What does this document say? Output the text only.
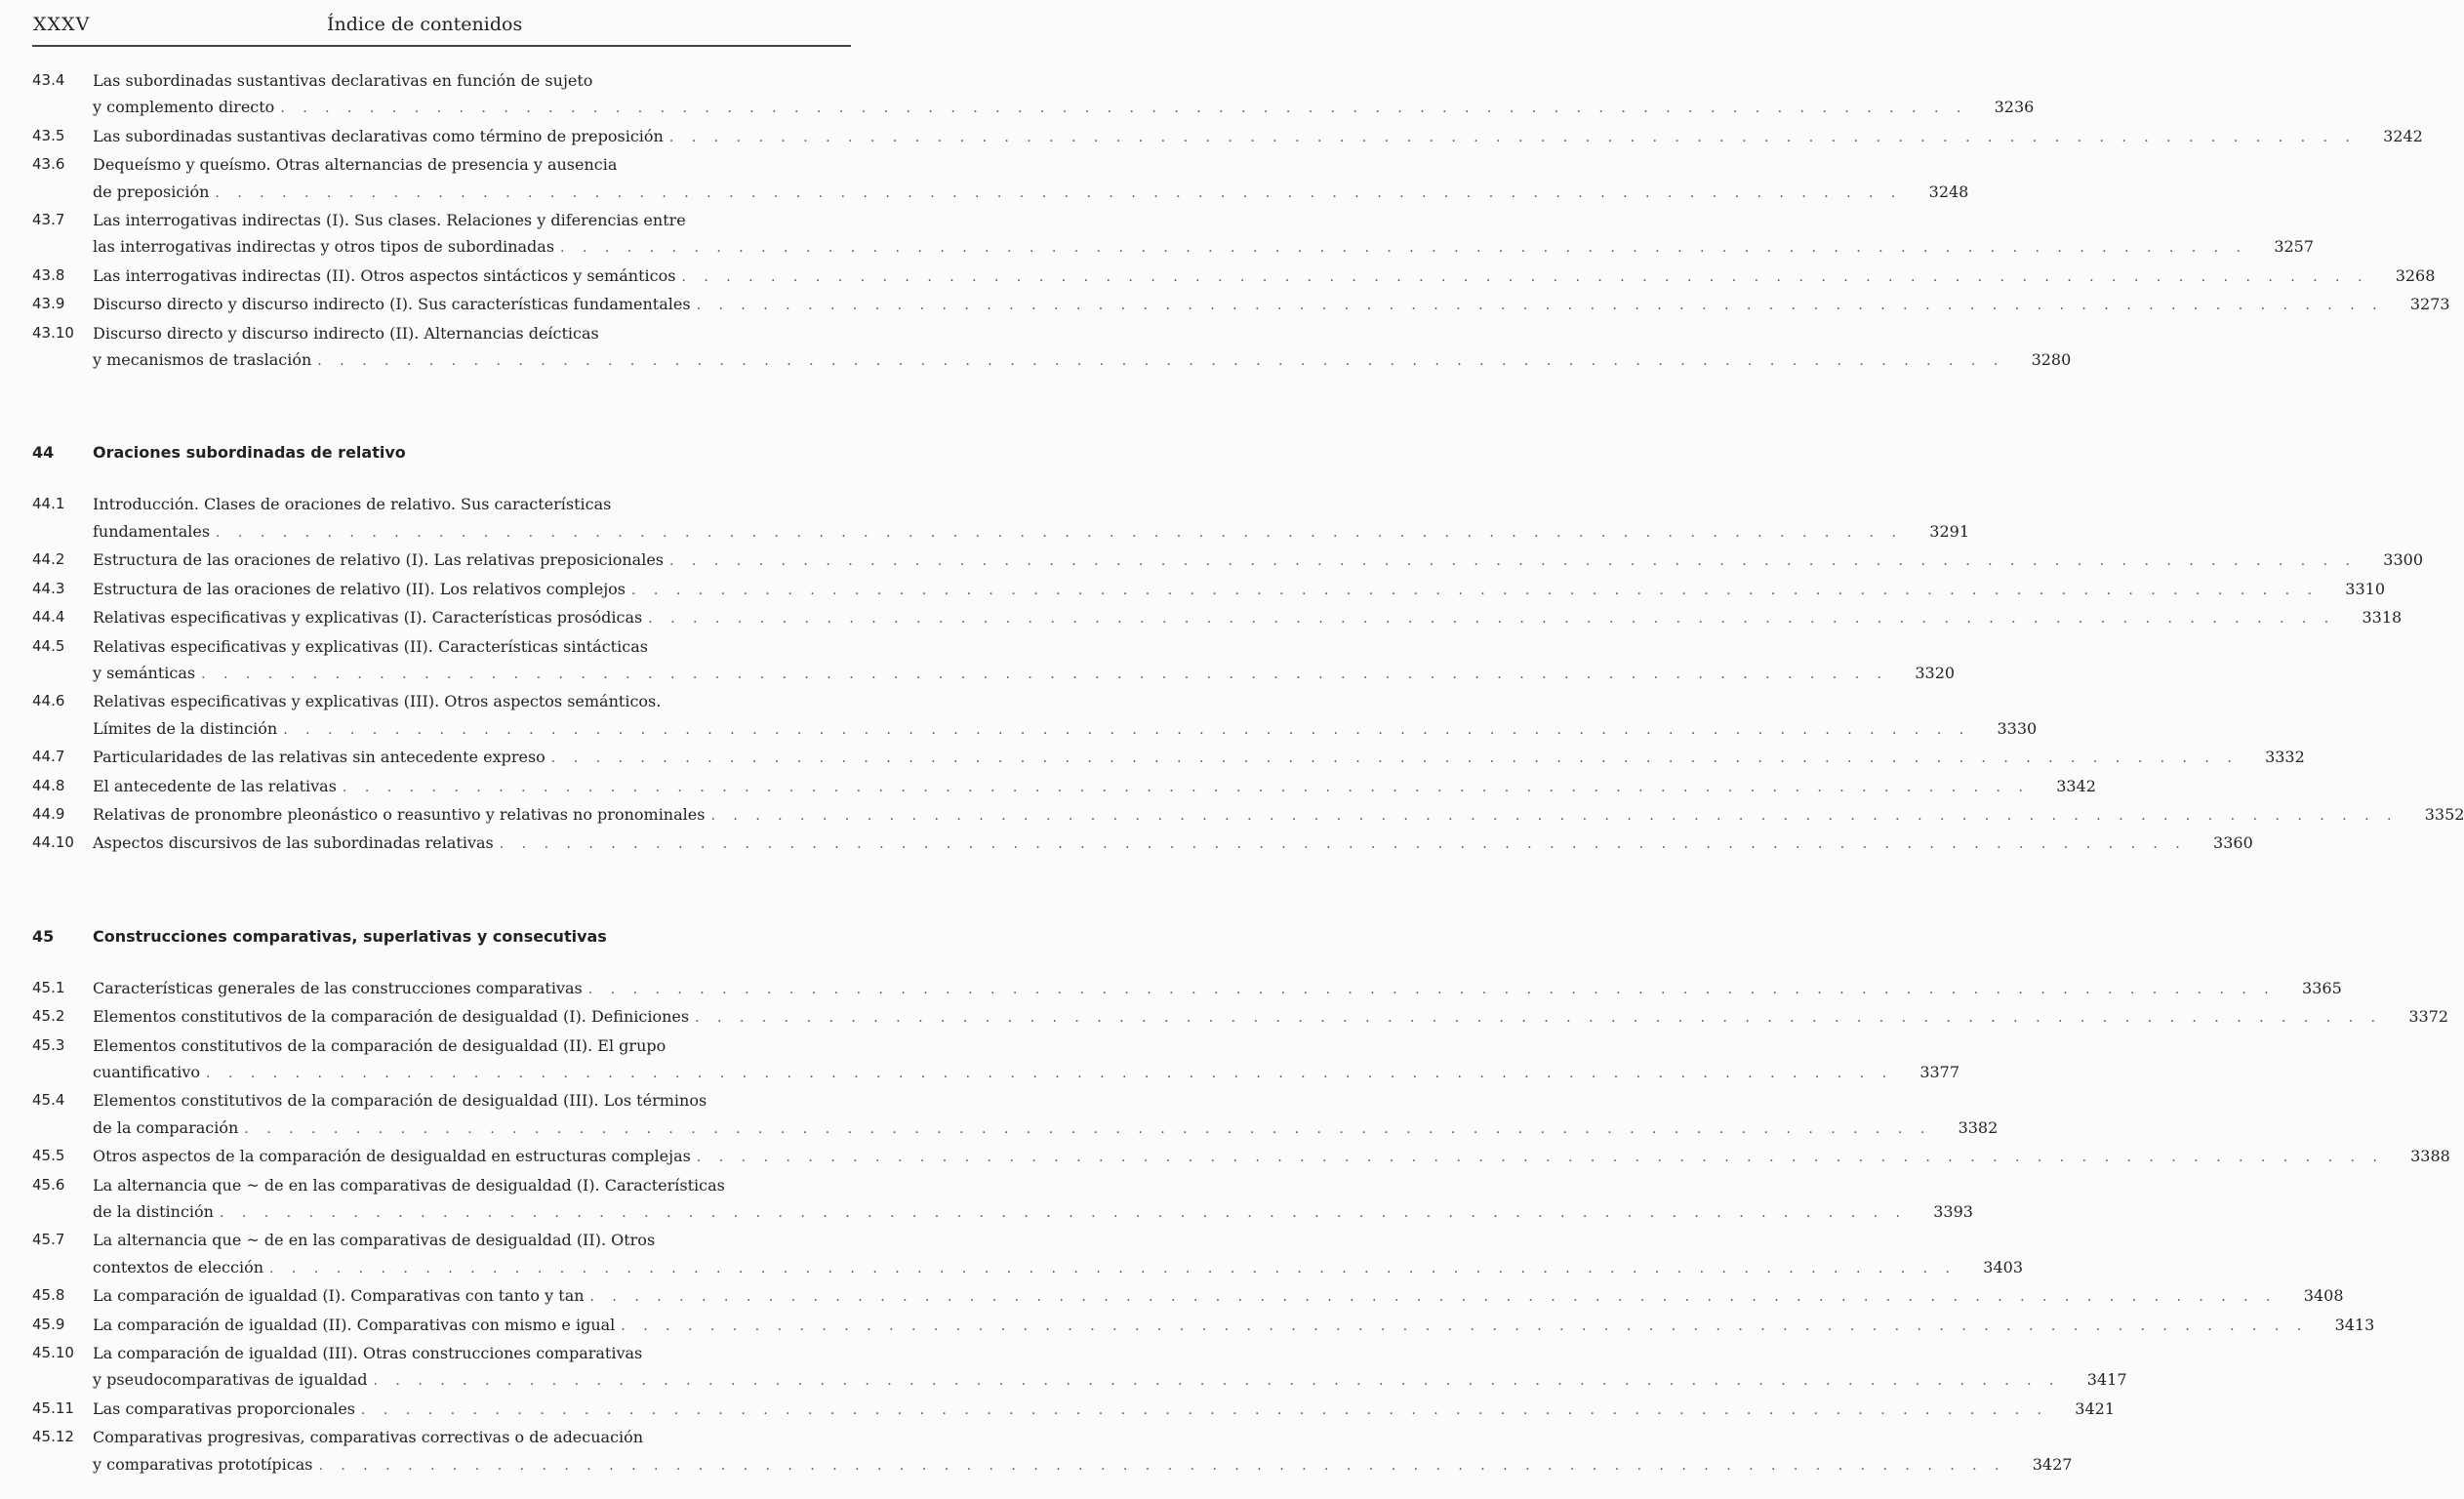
XXXV	Índice de contenidos
43.4	Las subordinadas sustantivas declarativas en función de sujeto
y complemento directo . . . . . . . . . . . . . . . . . . . . . . . . . . . . . . . . . . . . . . . . . . . . . . . . . . . . . . . . . . . . . . . . . . . . . . . . . . . .	3236
43.5	Las subordinadas sustantivas declarativas como término de preposición . . . . . . . . . . . . . . . . . . . . . . . . . . . . . . . . . . . . . . . . . . . . . . . . . . . . . . . . . . . . . . . . . . . . . . . . . . . .	3242
43.6	Dequeísmo y queísmo. Otras alternancias de presencia y ausencia
de preposición . . . . . . . . . . . . . . . . . . . . . . . . . . . . . . . . . . . . . . . . . . . . . . . . . . . . . . . . . . . . . . . . . . . . . . . . . . . .	3248
43.7	Las interrogativas indirectas (I). Sus clases. Relaciones y diferencias entre
las interrogativas indirectas y otros tipos de subordinadas . . . . . . . . . . . . . . . . . . . . . . . . . . . . . . . . . . . . . . . . . . . . . . . . . . . . . . . . . . . . . . . . . . . . . . . . . . . .	3257
43.8	Las interrogativas indirectas (II). Otros aspectos sintácticos y semánticos . . . . . . . . . . . . . . . . . . . . . . . . . . . . . . . . . . . . . . . . . . . . . . . . . . . . . . . . . . . . . . . . . . . . . . . . . . . .	3268
43.9	Discurso directo y discurso indirecto (I). Sus características fundamentales . . . . . . . . . . . . . . . . . . . . . . . . . . . . . . . . . . . . . . . . . . . . . . . . . . . . . . . . . . . . . . . . . . . . . . . . . . . .	3273
43.10	Discurso directo y discurso indirecto (II). Alternancias deícticas
y mecanismos de traslación . . . . . . . . . . . . . . . . . . . . . . . . . . . . . . . . . . . . . . . . . . . . . . . . . . . . . . . . . . . . . . . . . . . . . . . . . . . .	3280
44	Oraciones subordinadas de relativo
44.1	Introducción. Clases de oraciones de relativo. Sus características
fundamentales . . . . . . . . . . . . . . . . . . . . . . . . . . . . . . . . . . . . . . . . . . . . . . . . . . . . . . . . . . . . . . . . . . . . . . . . . . . .	3291
44.2	Estructura de las oraciones de relativo (I). Las relativas preposicionales . . . . . . . . . . . . . . . . . . . . . . . . . . . . . . . . . . . . . . . . . . . . . . . . . . . . . . . . . . . . . . . . . . . . . . . . . . . .	3300
44.3	Estructura de las oraciones de relativo (II). Los relativos complejos . . . . . . . . . . . . . . . . . . . . . . . . . . . . . . . . . . . . . . . . . . . . . . . . . . . . . . . . . . . . . . . . . . . . . . . . . . . .	3310
44.4	Relativas especificativas y explicativas (I). Características prosódicas . . . . . . . . . . . . . . . . . . . . . . . . . . . . . . . . . . . . . . . . . . . . . . . . . . . . . . . . . . . . . . . . . . . . . . . . . . . .	3318
44.5	Relativas especificativas y explicativas (II). Características sintácticas
y semánticas . . . . . . . . . . . . . . . . . . . . . . . . . . . . . . . . . . . . . . . . . . . . . . . . . . . . . . . . . . . . . . . . . . . . . . . . . . . .	3320
44.6	Relativas especificativas y explicativas (III). Otros aspectos semánticos.
Límites de la distinción . . . . . . . . . . . . . . . . . . . . . . . . . . . . . . . . . . . . . . . . . . . . . . . . . . . . . . . . . . . . . . . . . . . . . . . . . . . .	3330
44.7	Particularidades de las relativas sin antecedente expreso . . . . . . . . . . . . . . . . . . . . . . . . . . . . . . . . . . . . . . . . . . . . . . . . . . . . . . . . . . . . . . . . . . . . . . . . . . . .	3332
44.8	El antecedente de las relativas . . . . . . . . . . . . . . . . . . . . . . . . . . . . . . . . . . . . . . . . . . . . . . . . . . . . . . . . . . . . . . . . . . . . . . . . . . . .	3342
44.9	Relativas de pronombre pleonástico o reasuntivo y relativas no pronominales . . . . . . . . . . . . . . . . . . . . . . . . . . . . . . . . . . . . . . . . . . . . . . . . . . . . . . . . . . . . . . . . . . . . . . . . . . . .	3352
44.10	Aspectos discursivos de las subordinadas relativas . . . . . . . . . . . . . . . . . . . . . . . . . . . . . . . . . . . . . . . . . . . . . . . . . . . . . . . . . . . . . . . . . . . . . . . . . . . .	3360
45	Construcciones comparativas, superlativas y consecutivas
45.1	Características generales de las construcciones comparativas . . . . . . . . . . . . . . . . . . . . . . . . . . . . . . . . . . . . . . . . . . . . . . . . . . . . . . . . . . . . . . . . . . . . . . . . . . . .	3365
45.2	Elementos constitutivos de la comparación de desigualdad (I). Definiciones . . . . . . . . . . . . . . . . . . . . . . . . . . . . . . . . . . . . . . . . . . . . . . . . . . . . . . . . . . . . . . . . . . . . . . . . . . . .	3372
45.3	Elementos constitutivos de la comparación de desigualdad (II). El grupo
cuantificativo . . . . . . . . . . . . . . . . . . . . . . . . . . . . . . . . . . . . . . . . . . . . . . . . . . . . . . . . . . . . . . . . . . . . . . . . . . . .	3377
45.4	Elementos constitutivos de la comparación de desigualdad (III). Los términos
de la comparación . . . . . . . . . . . . . . . . . . . . . . . . . . . . . . . . . . . . . . . . . . . . . . . . . . . . . . . . . . . . . . . . . . . . . . . . . . . .	3382
45.5	Otros aspectos de la comparación de desigualdad en estructuras complejas . . . . . . . . . . . . . . . . . . . . . . . . . . . . . . . . . . . . . . . . . . . . . . . . . . . . . . . . . . . . . . . . . . . . . . . . . . . .	3388
45.6	La alternancia que ~ de en las comparativas de desigualdad (I). Características
de la distinción . . . . . . . . . . . . . . . . . . . . . . . . . . . . . . . . . . . . . . . . . . . . . . . . . . . . . . . . . . . . . . . . . . . . . . . . . . . .	3393
45.7	La alternancia que ~ de en las comparativas de desigualdad (II). Otros
contextos de elección . . . . . . . . . . . . . . . . . . . . . . . . . . . . . . . . . . . . . . . . . . . . . . . . . . . . . . . . . . . . . . . . . . . . . . . . . . . .	3403
45.8	La comparación de igualdad (I). Comparativas con tanto y tan . . . . . . . . . . . . . . . . . . . . . . . . . . . . . . . . . . . . . . . . . . . . . . . . . . . . . . . . . . . . . . . . . . . . . . . . . . . .	3408
45.9	La comparación de igualdad (II). Comparativas con mismo e igual . . . . . . . . . . . . . . . . . . . . . . . . . . . . . . . . . . . . . . . . . . . . . . . . . . . . . . . . . . . . . . . . . . . . . . . . . . . .	3413
45.10	La comparación de igualdad (III). Otras construcciones comparativas
y pseudocomparativas de igualdad . . . . . . . . . . . . . . . . . . . . . . . . . . . . . . . . . . . . . . . . . . . . . . . . . . . . . . . . . . . . . . . . . . . . . . . . . . . .	3417
45.11	Las comparativas proporcionales . . . . . . . . . . . . . . . . . . . . . . . . . . . . . . . . . . . . . . . . . . . . . . . . . . . . . . . . . . . . . . . . . . . . . . . . . . . .	3421
45.12	Comparativas progresivas, comparativas correctivas o de adecuación
y comparativas prototípicas . . . . . . . . . . . . . . . . . . . . . . . . . . . . . . . . . . . . . . . . . . . . . . . . . . . . . . . . . . . . . . . . . . . . . . . . . . . .	3427
